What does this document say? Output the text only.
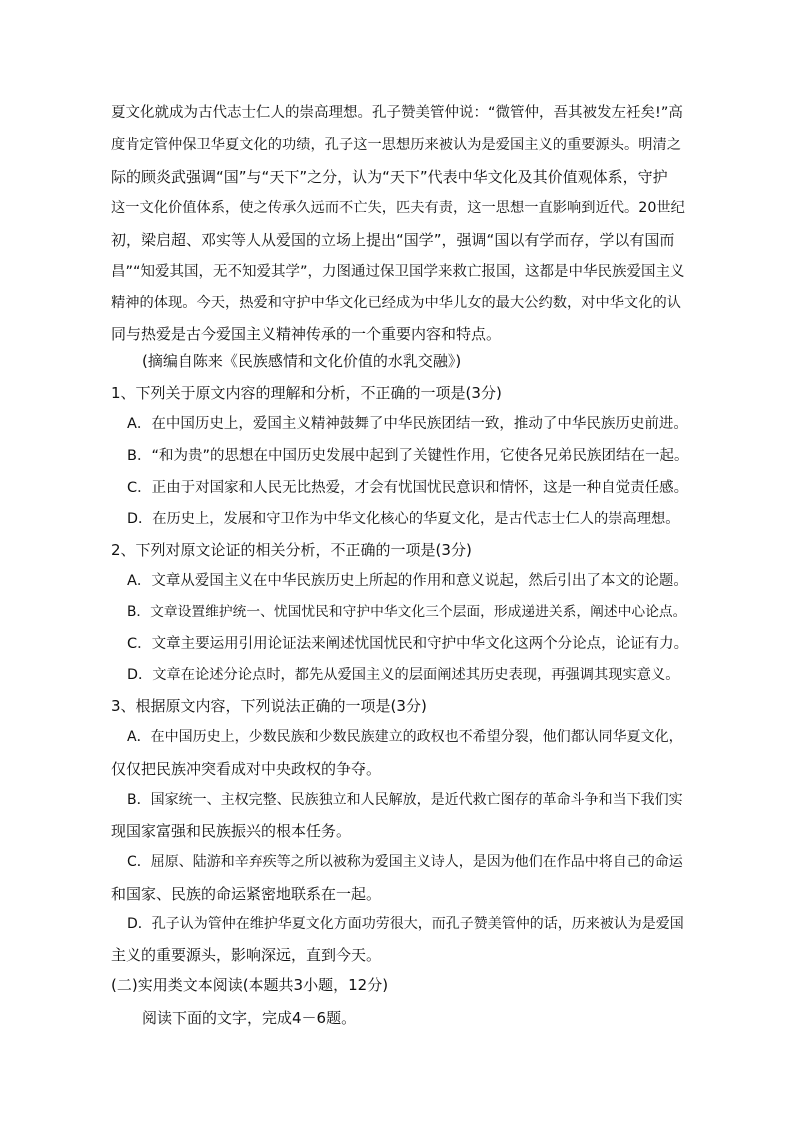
夏文化就成为古代志士仁人的崇高理想。孔子赞美管仲说：“微管仲，吾其被发左衽矣!”高
度肯定管仲保卫华夏文化的功绩，孔子这一思想历来被认为是爱国主义的重要源头。明清之
际的顾炎武强调“国”与“天下”之分，认为“天下”代表中华文化及其价值观体系，守护
这一文化价值体系，使之传承久远而不亡失，匹夫有责，这一思想一直影响到近代。20世纪
初，梁启超、邓实等人从爱国的立场上提出“国学”，强调“国以有学而存，学以有国而
昌”“知爱其国，无不知爱其学”，力图通过保卫国学来救亡报国，这都是中华民族爱国主义
精神的体现。今天，热爱和守护中华文化已经成为中华儿女的最大公约数，对中华文化的认
同与热爱是古今爱国主义精神传承的一个重要内容和特点。
(摘编自陈来《民族感情和文化价值的水乳交融》)
1、下列关于原文内容的理解和分析，不正确的一项是(3分)
A．在中国历史上，爱国主义精神鼓舞了中华民族团结一致，推动了中华民族历史前进。
B．“和为贵”的思想在中国历史发展中起到了关键性作用，它使各兄弟民族团结在一起。
C．正由于对国家和人民无比热爱，才会有忧国忧民意识和情怀，这是一种自觉责任感。
D．在历史上，发展和守卫作为中华文化核心的华夏文化，是古代志士仁人的崇高理想。
2、下列对原文论证的相关分析，不正确的一项是(3分)
A．文章从爱国主义在中华民族历史上所起的作用和意义说起，然后引出了本文的论题。
B．文章设置维护统一、忧国忧民和守护中华文化三个层面，形成递进关系，阐述中心论点。
C．文章主要运用引用论证法来阐述忧国忧民和守护中华文化这两个分论点，论证有力。
D．文章在论述分论点时，都先从爱国主义的层面阐述其历史表现，再强调其现实意义。
3、根据原文内容，下列说法正确的一项是(3分)
A．在中国历史上，少数民族和少数民族建立的政权也不希望分裂，他们都认同华夏文化，
仅仅把民族冲突看成对中央政权的争夺。
B．国家统一、主权完整、民族独立和人民解放，是近代救亡图存的革命斗争和当下我们实
现国家富强和民族振兴的根本任务。
C．屈原、陆游和辛弃疾等之所以被称为爱国主义诗人，是因为他们在作品中将自己的命运
和国家、民族的命运紧密地联系在一起。
D．孔子认为管仲在维护华夏文化方面功劳很大，而孔子赞美管仲的话，历来被认为是爱国
主义的重要源头，影响深远，直到今天。
(二)实用类文本阅读(本题共3小题，12分)
阅读下面的文字，完成4－6题。
